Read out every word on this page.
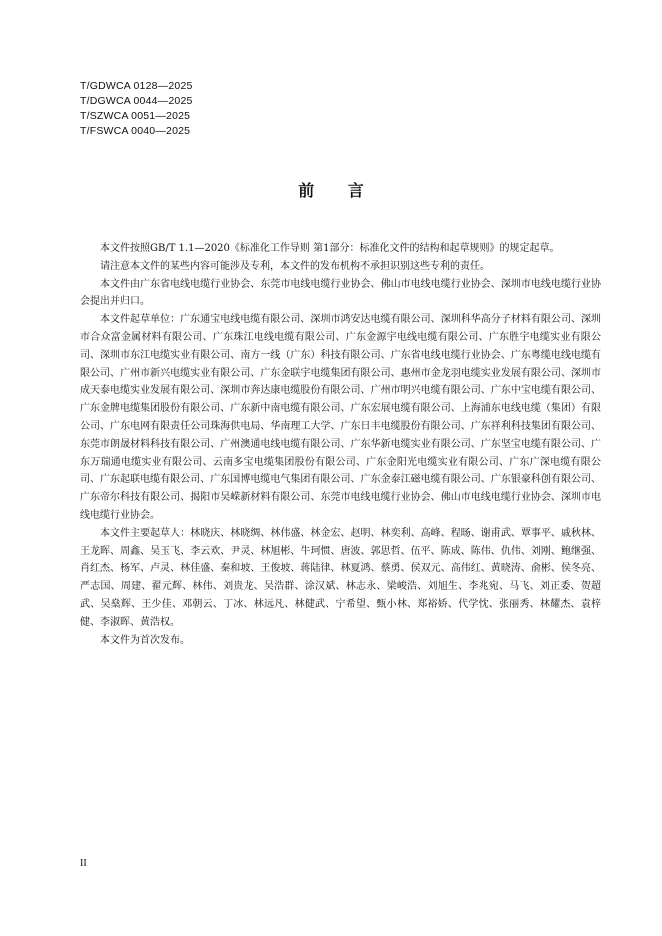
T/GDWCA 0128—2025
T/DGWCA 0044—2025
T/SZWCA 0051—2025
T/FSWCA 0040—2025
前 言

本文件按照GB/T 1.1—2020《标准化工作导则 第1部分：标准化文件的结构和起草规则》的规定起草。

请注意本文件的某些内容可能涉及专利，本文件的发布机构不承担识别这些专利的责任。

本文件由广东省电线电缆行业协会、东莞市电线电缆行业协会、佛山市电线电缆行业协会、深圳市电线电缆行业协会提出并归口。

本文件起草单位：广东通宝电线电缆有限公司、深圳市鸿安达电缆有限公司、深圳科华高分子材料有限公司、深圳市合众富金属材料有限公司、广东珠江电线电缆有限公司、广东金源宇电线电缆有限公司、广东胜宇电缆实业有限公司、深圳市东江电缆实业有限公司、南方一线（广东）科技有限公司、广东省电线电缆行业协会、广东粤缆电线电缆有限公司、广州市新兴电缆实业有限公司、广东金联宇电缆集团有限公司、惠州市金龙羽电缆实业发展有限公司、深圳市成天泰电缆实业发展有限公司、深圳市奔达康电缆股份有限公司、广州市明兴电缆有限公司、广东中宝电缆有限公司、广东金牌电缆集团股份有限公司、广东新中南电缆有限公司、广东宏展电缆有限公司、上海浦东电线电缆（集团）有限公司、广东电网有限责任公司珠海供电局、华南理工大学、广东日丰电缆股份有限公司、广东祥利科技集团有限公司、东莞市朗晟材料科技有限公司、广州澳通电线电缆有限公司、广东华新电缆实业有限公司、广东坚宝电缆有限公司、广东万瑞通电缆实业有限公司、云南多宝电缆集团股份有限公司、广东金阳光电缆实业有限公司、广东广深电缆有限公司、广东起联电缆有限公司、广东国博电缆电气集团有限公司、广东金泰江磁电缆有限公司、广东银豪科创有限公司、广东帝尔科技有限公司、揭阳市吴嵘新材料有限公司、东莞市电线电缆行业协会、佛山市电线电缆行业协会、深圳市电线电缆行业协会。

本文件主要起草人：林晓庆、林晓绸、林伟盛、林金宏、赵明、林奕利、高峰、程旸、谢甫武、覃事平、戚秋林、王龙晖、周鑫、吴玉飞、李云欢、尹灵、林旭彬、牛珂惯、唐波、郭思哲、伍平、陈成、陈伟、仇伟、刘刚、鲍继强、肖红杰、杨军、卢灵、林佳盛、秦和坡、王俊坡、蒋陆律、林夏鸿、蔡勇、侯双元、高伟红、黄晓涛、俞彬、侯冬亮、严志国、周建、翟元辉、林伟、刘贵龙、吴浩群、涂汉斌、林志永、梁峻浩、刘旭生、李兆宛、马飞、刘正委、贺超武、吴燊辉、王少佳、邓朝云、丁冰、林远凡、林健武、宁希望、甄小林、郑裕娇、代学忱、张丽秀、林耀杰、袁梓健、李淑晖、黄浩权。

本文件为首次发布。

II
